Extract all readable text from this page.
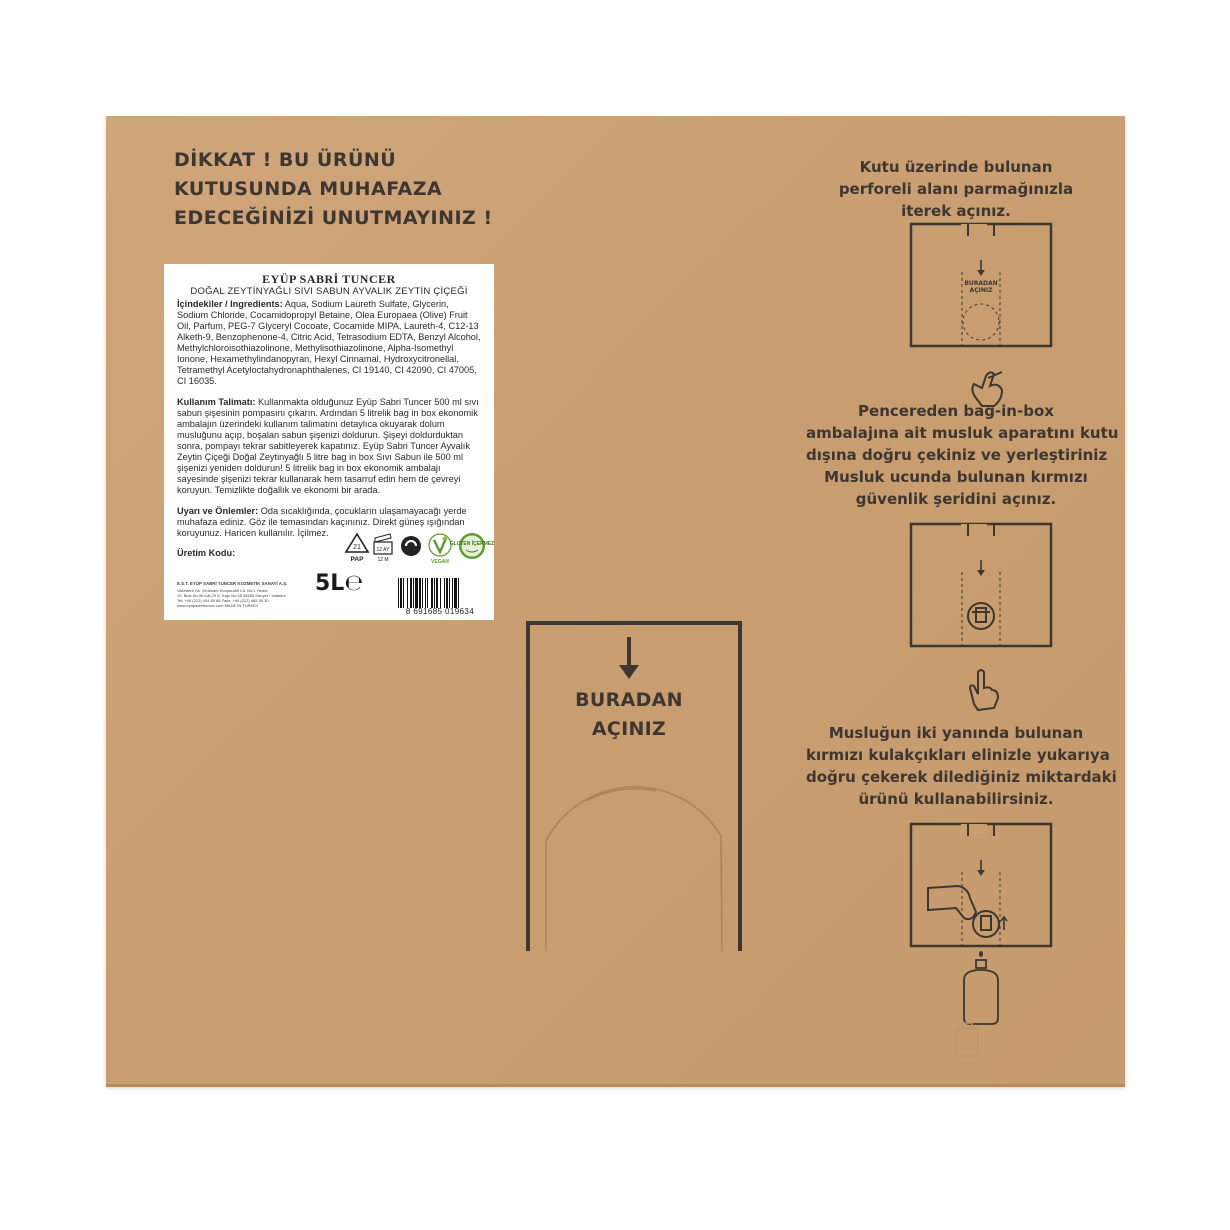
DİKKAT ! BU ÜRÜNÜ
KUTUSUNDA MUHAFAZA
EDECEĞİNİZİ UNUTMAYINIZ !
EYÜP SABRİ TUNCER
DOĞAL ZEYTİNYAĞLI SIVI SABUN AYVALIK ZEYTİN ÇİÇEĞİ
İçindekiler / Ingredients: Aqua, Sodium Laureth Sulfate, Glycerin, Sodium Chloride, Cocamidopropyl Betaine, Olea Europaea (Olive) Fruit Oil, Parfum, PEG-7 Glyceryl Cocoate, Cocamide MIPA, Laureth-4, C12-13 Alketh-9, Benzophenone-4, Citric Acid, Tetrasodium EDTA, Benzyl Alcohol, Methylchloroisothiazolinone, Methylisothiazolinone, Alpha-Isomethyl Ionone, Hexamethylindanopyran, Hexyl Cinnamal, Hydroxycitronellal, Tetramethyl Acetyloctahydronaphthalenes, CI 19140, CI 42090, CI 47005, CI 16035.
Kullanım Talimatı: Kullanmakta olduğunuz Eyüp Sabri Tuncer 500 ml sıvı sabun şişesinin pompasını çıkarın. Ardından 5 litrelik bag in box ekonomik ambalajın üzerindeki kullanım talimatını detaylıca okuyarak dolum musluğunu açıp, boşalan sabun şişenizi doldurun. Şişeyi doldurduktan sonra, pompayı tekrar sabitleyerek kapatınız. Eyüp Sabri Tuncer Ayvalık Zeytin Çiçeği Doğal Zeytinyağlı 5 litre bag in box Sıvı Sabun ile 500 ml şişenizi yeniden doldurun! 5 litrelik bag in box ekonomik ambalajı sayesinde şişenizi tekrar kullanarak hem tasarruf edin hem de çevreyi koruyun. Temizlikte doğallık ve ekonomi bir arada.
Uyarı ve Önlemler: Oda sıcaklığında, çocukların ulaşamayacağı yerde muhafaza ediniz. Göz ile temasından kaçınınız. Direkt güneş ışığından koruyunuz. Haricen kullanılır. İçilmez.
Üretim Kodu:
21
PAP
12 AY
12 M	VEGAN
GLUTEN İÇERMEZ
E.S.T. EYÜP SABRİ TUNCER KOZMETİK SANAYİ A.Ş.
Vakfıdere Sb. Ördekanı Kooperatifi Cd. No:1 Yedek
19. Blok No:30 Kat:29 Ş. Kapı No:45 34555 Sarıyer / İstanbul
Tel: +90 (212) 404 89 88 Faks: +90 (212) 465 30 30
www.eyupsabrituncer.com MADE IN TURKEY
5L℮
8 691685 019634
BURADAN
AÇINIZ
Kutu üzerinde bulunan
perforeli alanı parmağınızla
iterek açınız.
BURADAN
AÇINIZ
Pencereden bag-in-box
ambalajına ait musluk aparatını kutu
dışına doğru çekiniz ve yerleştiriniz
Musluk ucunda bulunan kırmızı
güvenlik şeridini açınız.
Musluğun iki yanında bulunan
kırmızı kulakçıkları elinizle yukarıya
doğru çekerek dilediğiniz miktardaki
ürünü kullanabilirsiniz.
